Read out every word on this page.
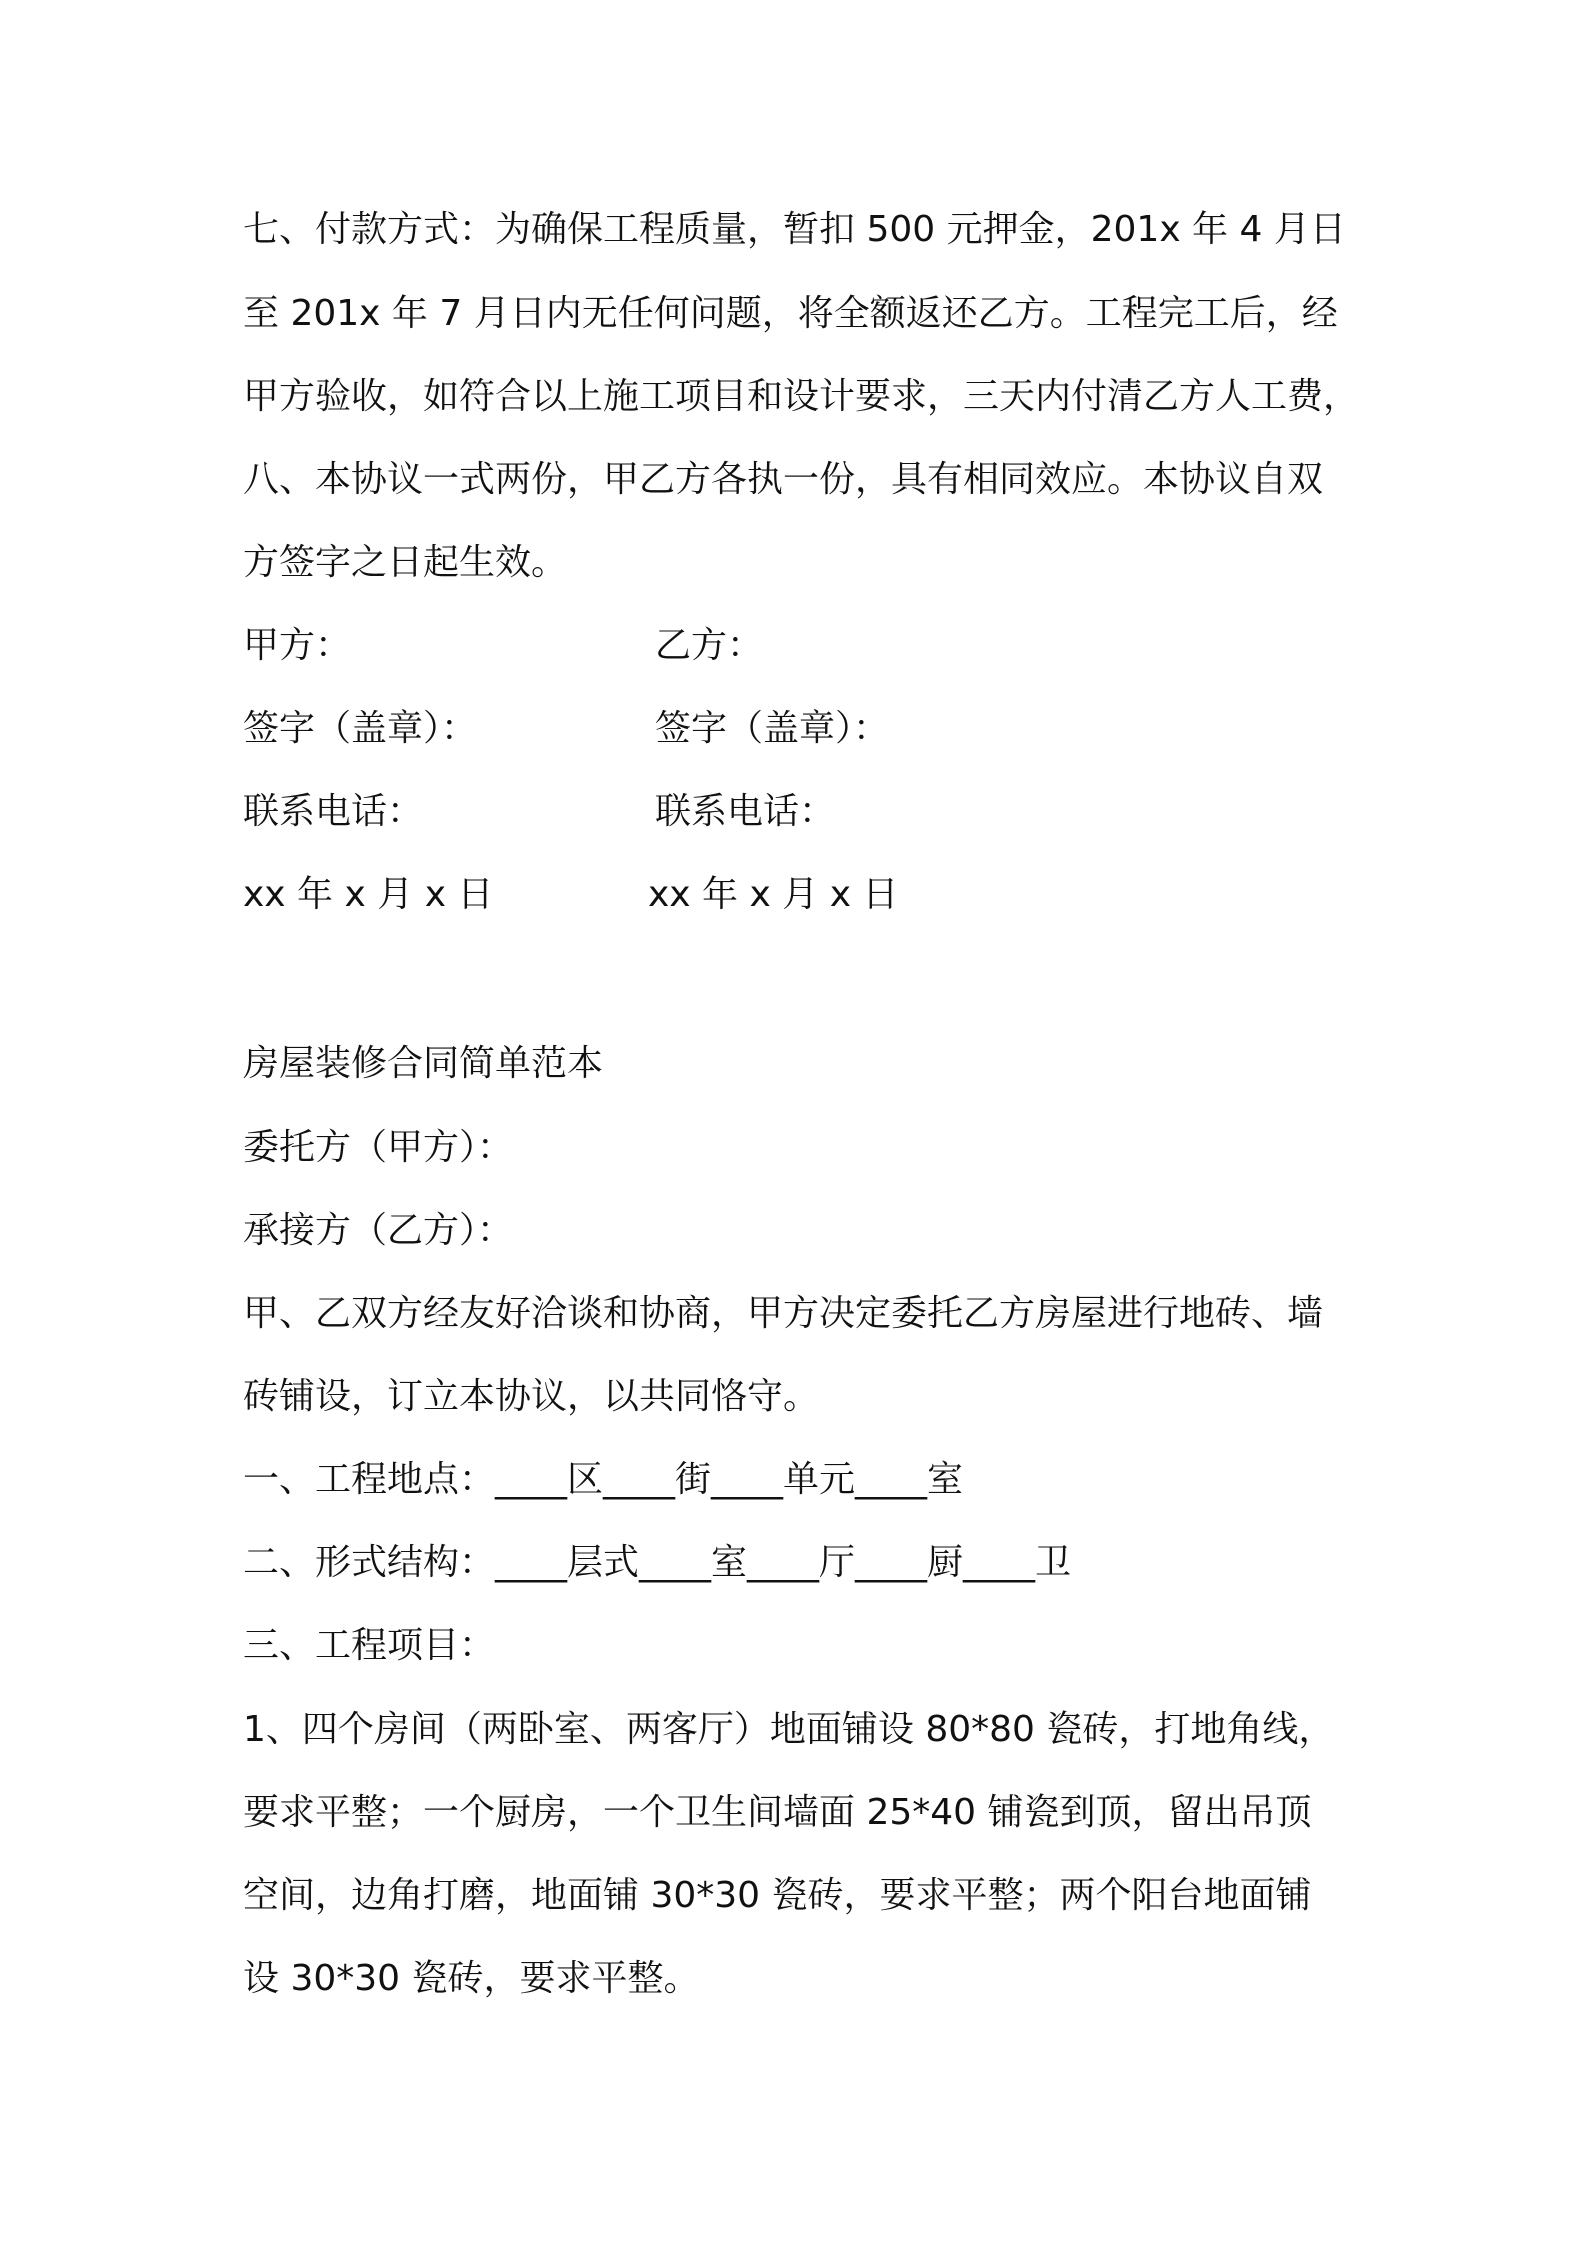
七、付款方式：为确保工程质量，暂扣 500 元押金，201x 年 4 月日
至 201x 年 7 月日内无任何问题，将全额返还乙方。工程完工后，经
甲方验收，如符合以上施工项目和设计要求，三天内付清乙方人工费，
八、本协议一式两份，甲乙方各执一份，具有相同效应。本协议自双
方签字之日起生效。
甲方：	乙方：
签字（盖章）：	签字（盖章）：
联系电话：	联系电话：
xx 年 x 月 x 日	xx 年 x 月 x 日
房屋装修合同简单范本
委托方（甲方）：
承接方（乙方）：
甲、乙双方经友好洽谈和协商，甲方决定委托乙方房屋进行地砖、墙
砖铺设，订立本协议，以共同恪守。
一、工程地点：____区____街____单元____室
二、形式结构：____层式____室____厅____厨____卫
三、工程项目：
1、四个房间（两卧室、两客厅）地面铺设 80*80 瓷砖，打地角线，
要求平整；一个厨房，一个卫生间墙面 25*40 铺瓷到顶，留出吊顶
空间，边角打磨，地面铺 30*30 瓷砖，要求平整；两个阳台地面铺
设 30*30 瓷砖，要求平整。
